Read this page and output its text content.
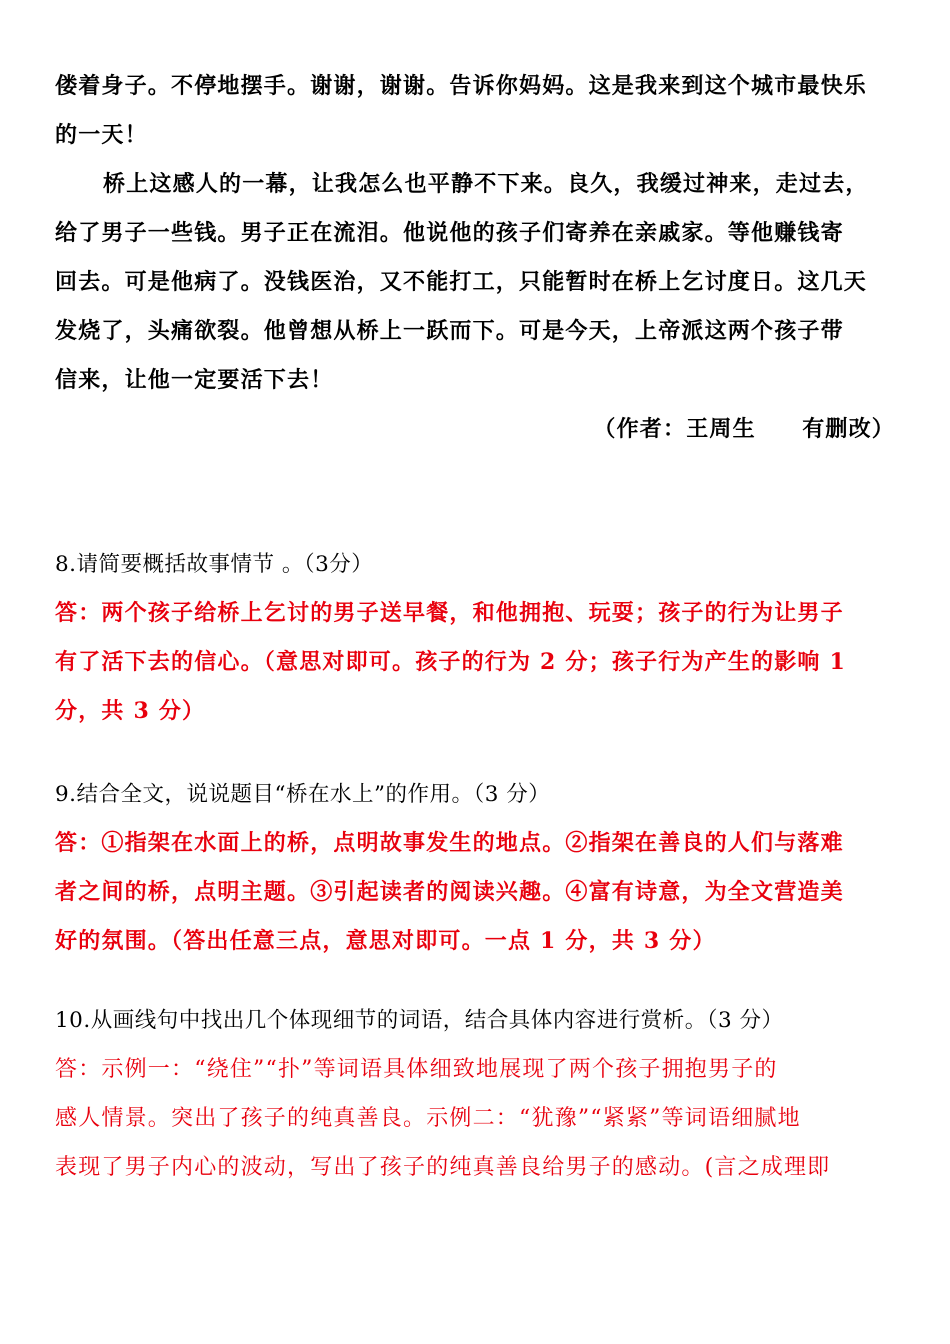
偻着身子。不停地摆手。谢谢，谢谢。告诉你妈妈。这是我来到这个城市最快乐
的一天！
桥上这感人的一幕，让我怎么也平静不下来。良久，我缓过神来，走过去，
给了男子一些钱。男子正在流泪。他说他的孩子们寄养在亲戚家。等他赚钱寄
回去。可是他病了。没钱医治，又不能打工，只能暂时在桥上乞讨度日。这几天
发烧了，头痛欲裂。他曾想从桥上一跃而下。可是今天，上帝派这两个孩子带
信来，让他一定要活下去！
（作者：王周生　　有删改）
8.请简要概括故事情节 。（3分）
答：两个孩子给桥上乞讨的男子送早餐，和他拥抱、玩耍；孩子的行为让男子
有了活下去的信心。（意思对即可。孩子的行为 2 分；孩子行为产生的影响 1
分，共 3 分）
9.结合全文，说说题目“桥在水上”的作用。（3 分）
答：①指架在水面上的桥，点明故事发生的地点。②指架在善良的人们与落难
者之间的桥，点明主题。③引起读者的阅读兴趣。④富有诗意，为全文营造美
好的氛围。（答出任意三点，意思对即可。一点 1 分，共 3 分）
10.从画线句中找出几个体现细节的词语，结合具体内容进行赏析。（3 分）
答：示例一：“绕住”“扑”等词语具体细致地展现了两个孩子拥抱男子的
感人情景。突出了孩子的纯真善良。示例二：“犹豫”“紧紧”等词语细腻地
表现了男子内心的波动，写出了孩子的纯真善良给男子的感动。(言之成理即
